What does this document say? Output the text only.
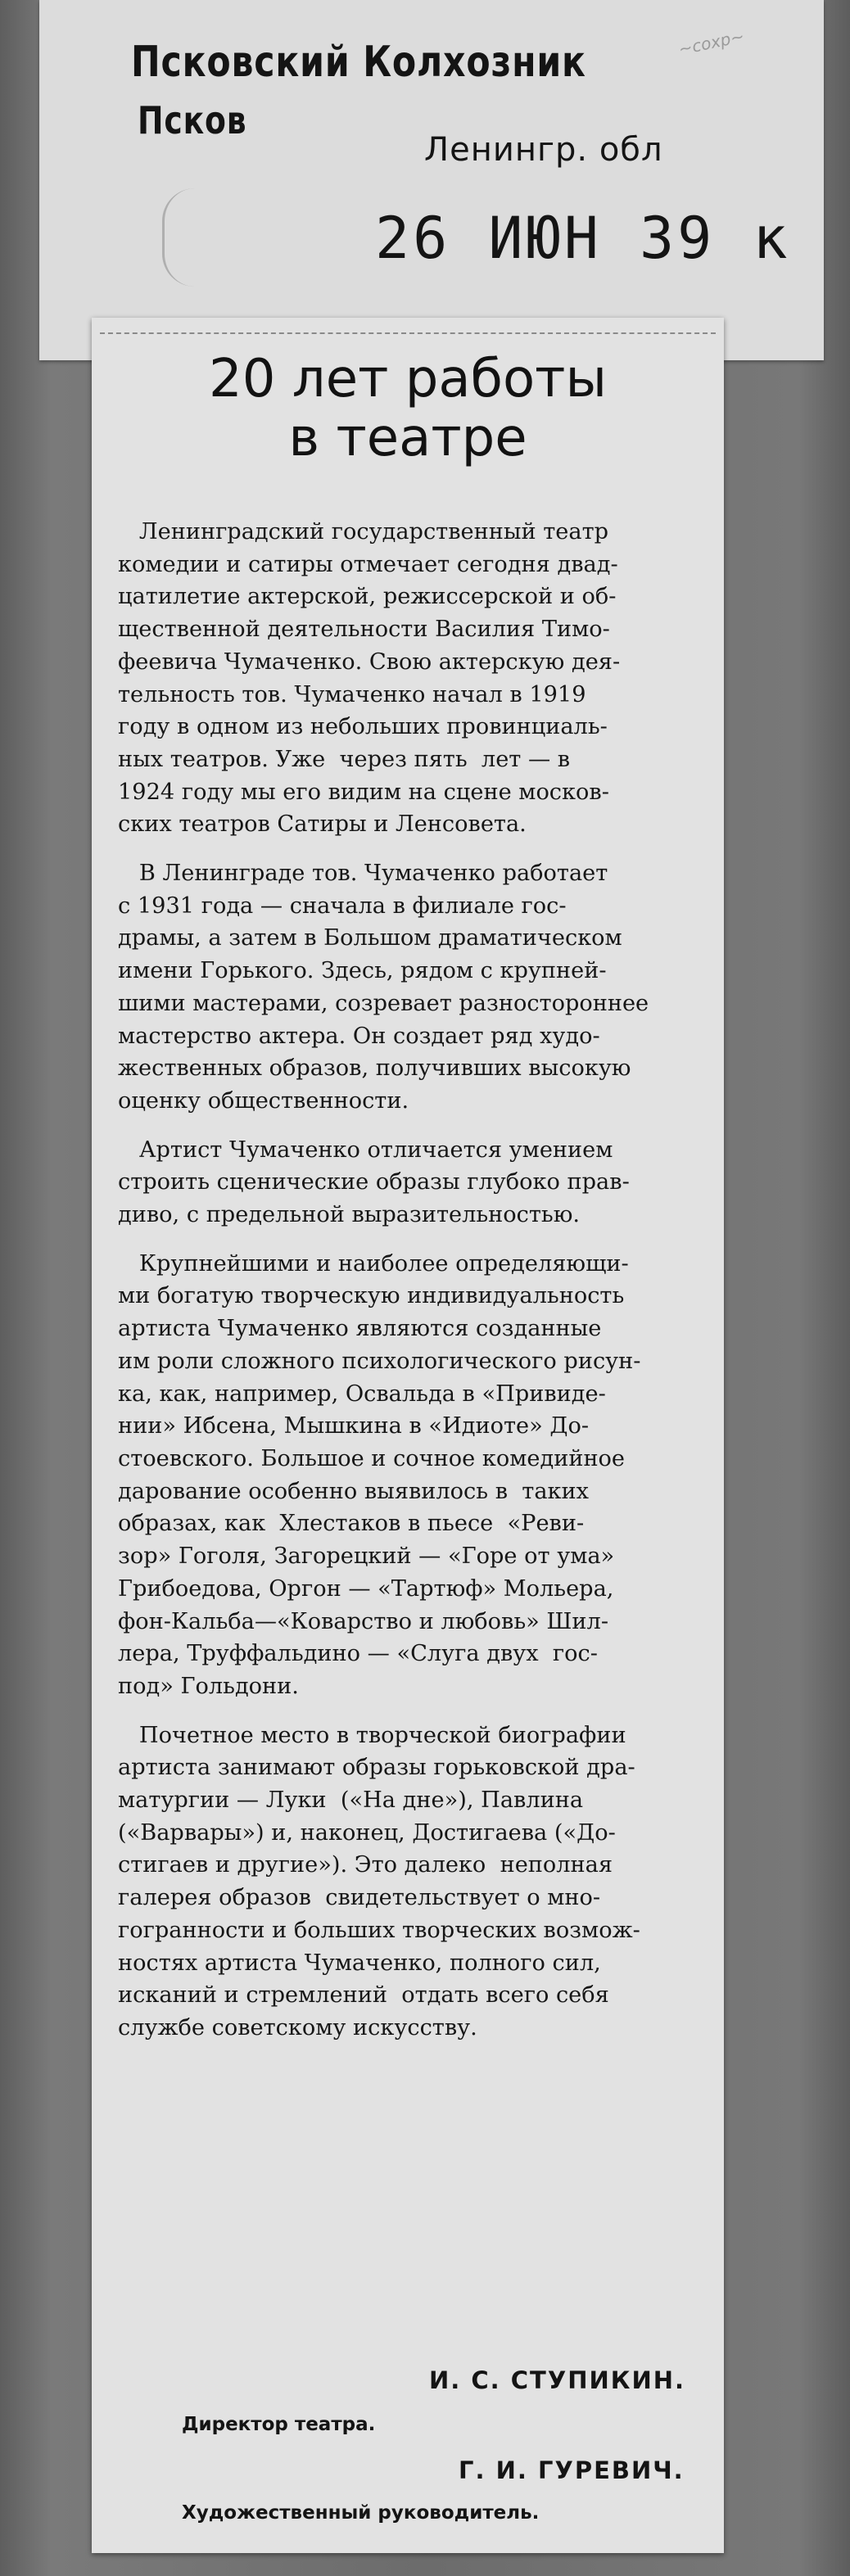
Псковский Колхозник
Псков
Ленингр. обл
26 ИЮН 39 к
~сохр~
20 лет работы
в театре

Ленинградский государственный театр
комедии и сатиры отмечает сегодня двад-
цатилетие актерской, режиссерской и об-
щественной деятельности Василия Тимо-
феевича Чумаченко. Свою актерскую дея-
тельность тов. Чумаченко начал в 1919
году в одном из небольших провинциаль-
ных театров. Уже  через пять  лет — в
1924 году мы его видим на сцене москов-
ских театров Сатиры и Ленсовета.

В Ленинграде тов. Чумаченко работает
с 1931 года — сначала в филиале гос-
драмы, а затем в Большом драматическом
имени Горького. Здесь, рядом с крупней-
шими мастерами, созревает разностороннее
мастерство актера. Он создает ряд худо-
жественных образов, получивших высокую
оценку общественности.

Артист Чумаченко отличается умением
строить сценические образы глубоко прав-
диво, с предельной выразительностью.

Крупнейшими и наиболее определяющи-
ми богатую творческую индивидуальность
артиста Чумаченко являются созданные
им роли сложного психологического рисун-
ка, как, например, Освальда в «Привиде-
нии» Ибсена, Мышкина в «Идиоте» До-
стоевского. Большое и сочное комедийное
дарование особенно выявилось в  таких
образах, как  Хлестаков в пьесе  «Реви-
зор» Гоголя, Загорецкий — «Горе от ума»
Грибоедова, Оргон — «Тартюф» Мольера,
фон-Кальба—«Коварство и любовь» Шил-
лера, Труффальдино — «Слуга двух  гос-
под» Гольдони.

Почетное место в творческой биографии
артиста занимают образы горьковской дра-
матургии — Луки  («На дне»), Павлина
(«Варвары») и, наконец, Достигаева («До-
стигаев и другие»). Это далеко  неполная
галерея образов  свидетельствует о мно-
гогранности и больших творческих возмож-
ностях артиста Чумаченко, полного сил,
исканий и стремлений  отдать всего себя
службе советскому искусству.

И. С. СТУПИКИН.
Директор театра.
Г. И. ГУРЕВИЧ.
Художественный руководитель.
